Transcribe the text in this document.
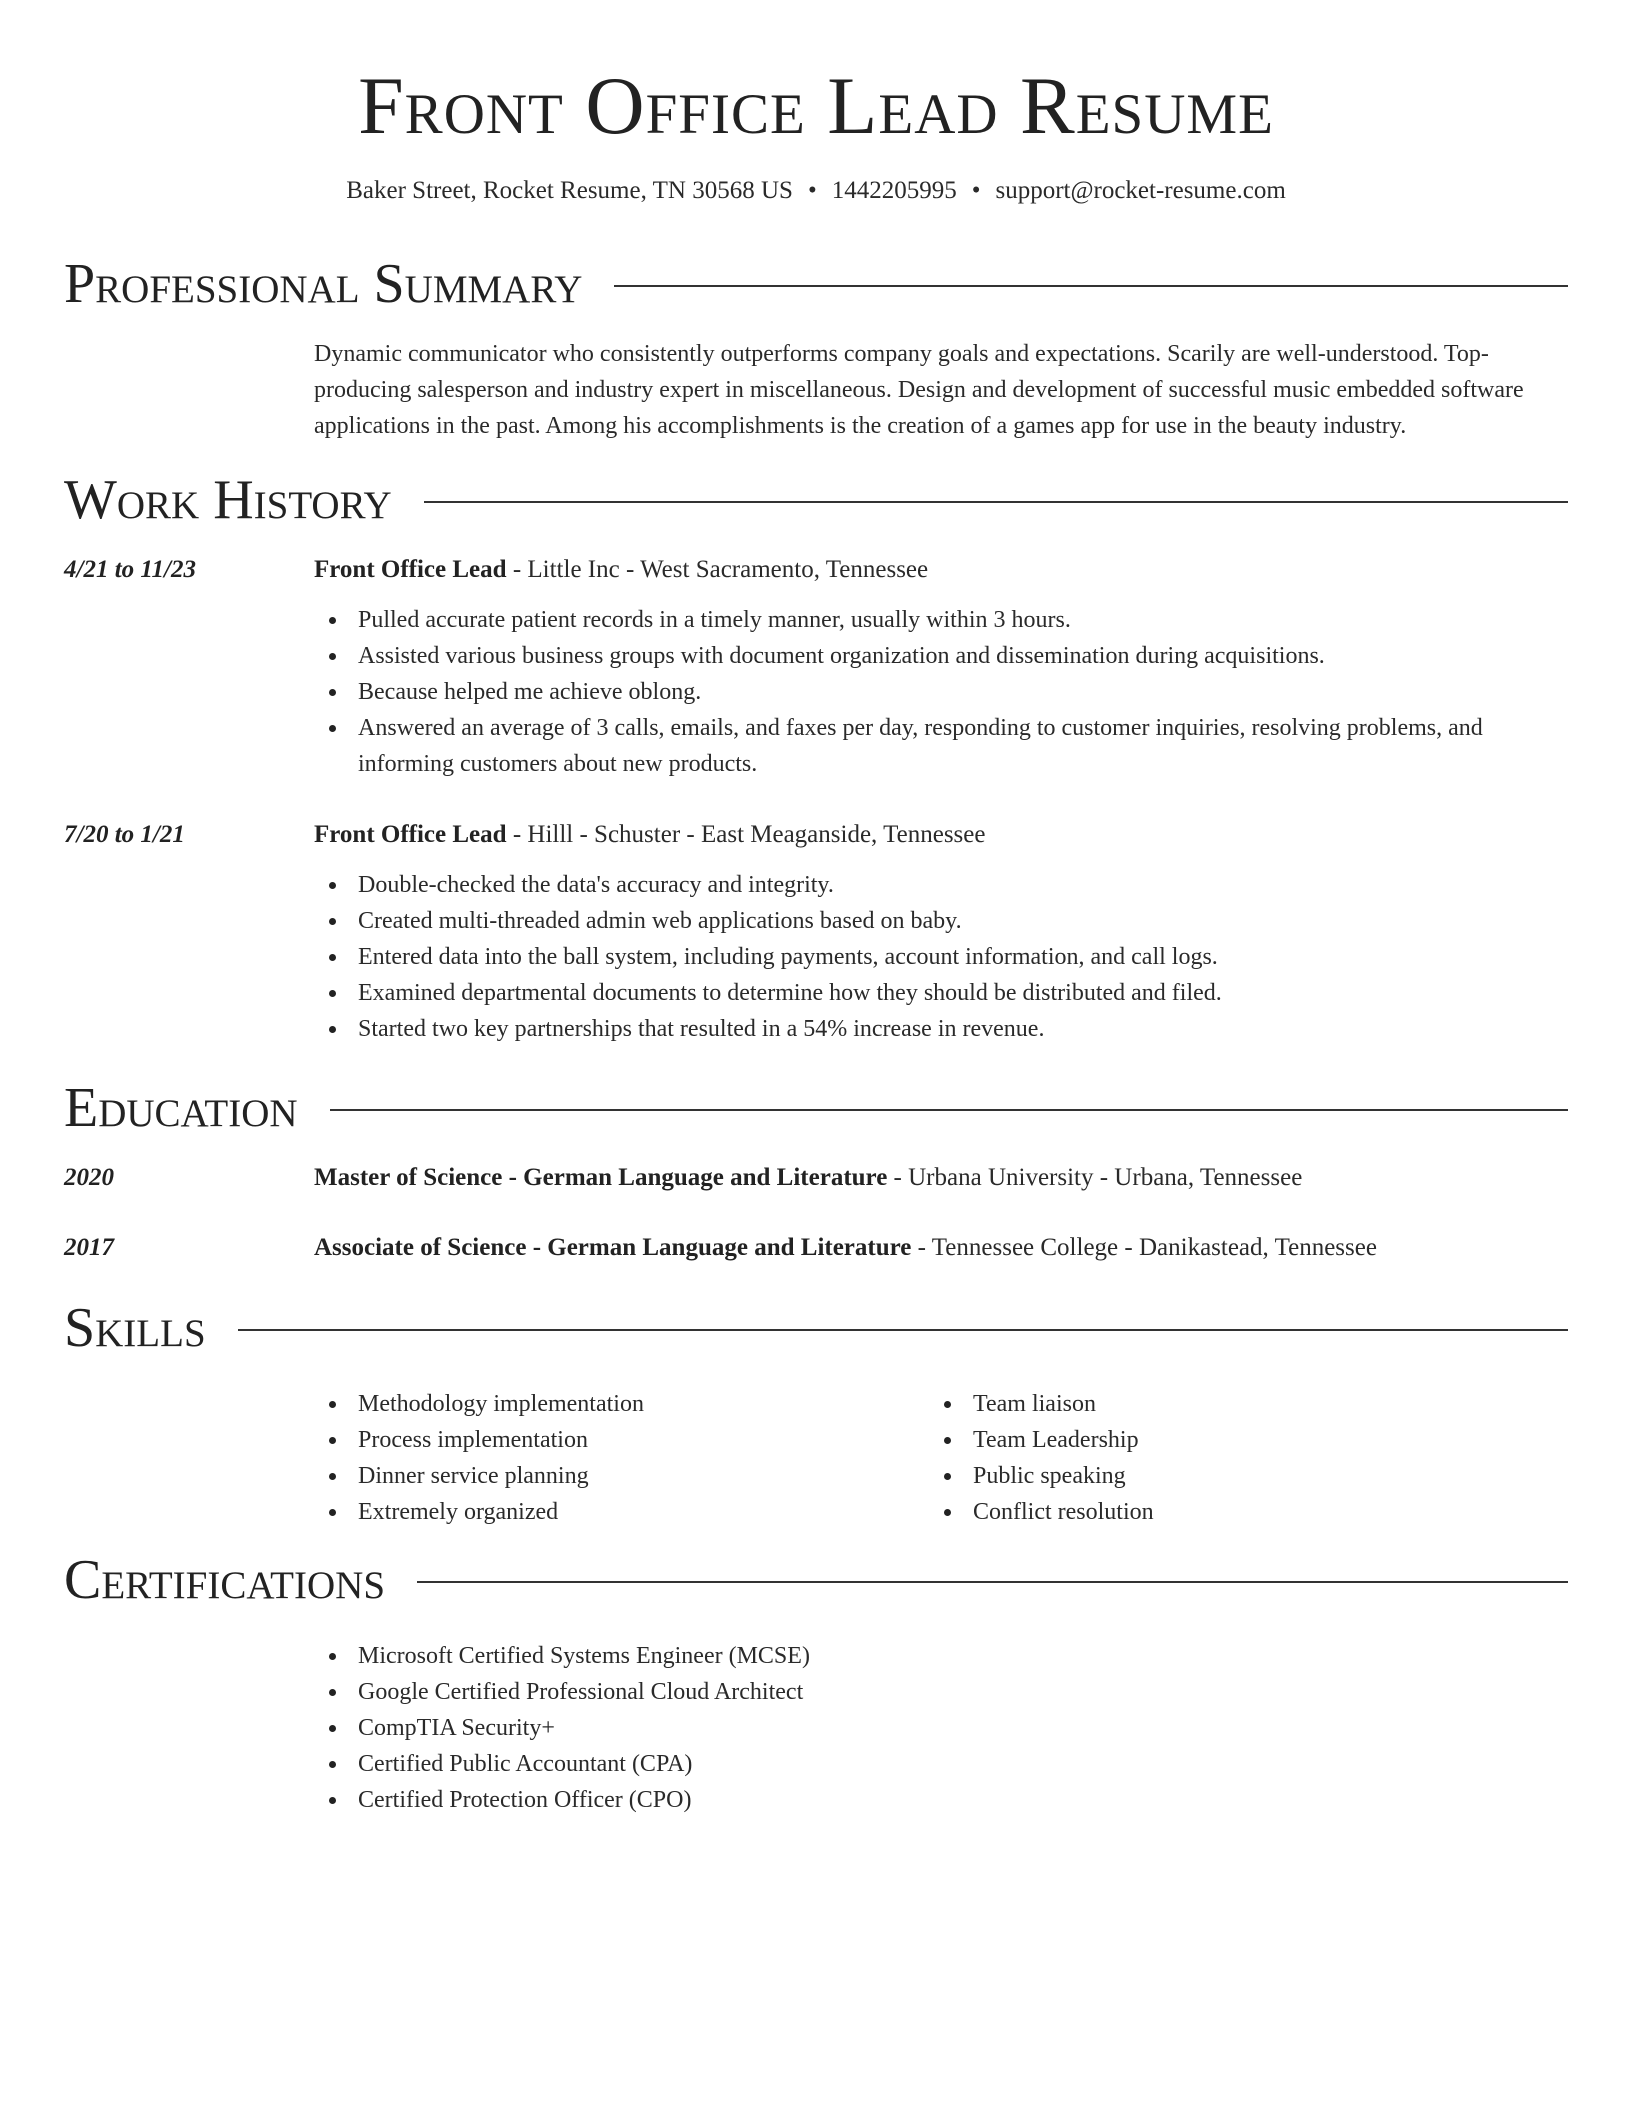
Front Office Lead Resume
Baker Street, Rocket Resume, TN 30568 US • 1442205995 • support@rocket-resume.com
Professional Summary
Dynamic communicator who consistently outperforms company goals and expectations. Scarily are well-understood. Top-producing salesperson and industry expert in miscellaneous. Design and development of successful music embedded software applications in the past. Among his accomplishments is the creation of a games app for use in the beauty industry.
Work History
4/21 to 11/23	Front Office Lead - Little Inc - West Sacramento, Tennessee
Pulled accurate patient records in a timely manner, usually within 3 hours.
Assisted various business groups with document organization and dissemination during acquisitions.
Because helped me achieve oblong.
Answered an average of 3 calls, emails, and faxes per day, responding to customer inquiries, resolving problems, and informing customers about new products.
7/20 to 1/21	Front Office Lead - Hilll - Schuster - East Meaganside, Tennessee
Double-checked the data's accuracy and integrity.
Created multi-threaded admin web applications based on baby.
Entered data into the ball system, including payments, account information, and call logs.
Examined departmental documents to determine how they should be distributed and filed.
Started two key partnerships that resulted in a 54% increase in revenue.
Education
2020	Master of Science - German Language and Literature - Urbana University - Urbana, Tennessee
2017	Associate of Science - German Language and Literature - Tennessee College - Danikastead, Tennessee
Skills
Methodology implementation
Process implementation
Dinner service planning
Extremely organized
Team liaison
Team Leadership
Public speaking
Conflict resolution
Certifications
Microsoft Certified Systems Engineer (MCSE)
Google Certified Professional Cloud Architect
CompTIA Security+
Certified Public Accountant (CPA)
Certified Protection Officer (CPO)
